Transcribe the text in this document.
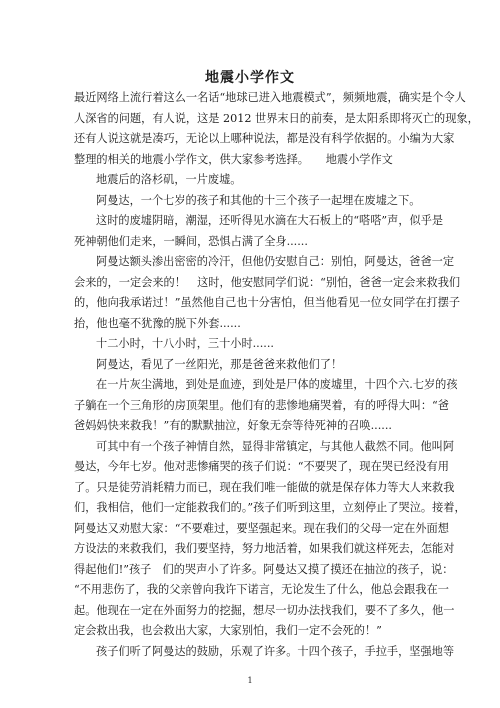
地震小学作文
最近网络上流行着这么一名话“地球已进入地震模式”，频频地震，确实是个令人
人深省的问题，有人说，这是 2012 世界末日的前奏，是太阳系即将灭亡的现象，
还有人说这就是凑巧，无论以上哪种说法，都是没有科学依据的。小编为大家
整理的相关的地震小学作文，供大家参考选择。　　地震小学作文
地震后的洛杉矶，一片废墟。
阿曼达，一个七岁的孩子和其他的十三个孩子一起埋在废墟之下。
这时的废墟阴暗，潮湿，还听得见水滴在大石板上的“嗒嗒”声，似乎是
死神朝他们走来，一瞬间，恐惧占满了全身......
阿曼达额头渗出密密的冷汗，但他仍安慰自己：别怕，阿曼达，爸爸一定
会来的，一定会来的！　这时，他安慰同学们说：“别怕，爸爸一定会来救我们
的，他向我承诺过！”虽然他自己也十分害怕，但当他看见一位女同学在打摆子
抬，他也毫不犹豫的脱下外套......
十二小时，十八小时，三十小时......
阿曼达，看见了一丝阳光，那是爸爸来救他们了！
在一片灰尘满地，到处是血迹，到处是尸体的废墟里，十四个六.七岁的孩
子躺在一个三角形的房顶架里。他们有的悲惨地痛哭着，有的呼得大叫：“爸
爸妈妈快来救我！”有的默默抽泣，好象无奈等待死神的召唤......
可其中有一个孩子神情自然，显得非常镇定，与其他人截然不同。他叫阿
曼达，今年七岁。他对悲惨痛哭的孩子们说：“不要哭了，现在哭已经没有用
了。只是徒劳消耗精力而已，现在我们唯一能做的就是保存体力等大人来救我
们，我相信，他们一定能救我们的。”孩子们听到这里，立刻停止了哭泣。接着，
阿曼达又劝慰大家：“不要难过，要坚强起来。现在我们的父母一定在外面想
方设法的来救我们，我们要坚持，努力地活着，如果我们就这样死去，怎能对
得起他们!”孩子　们的哭声小了许多。阿曼达又摸了摸还在抽泣的孩子，说：
“不用悲伤了，我的父亲曾向我许下诺言，无论发生了什么，他总会跟我在一
起。他现在一定在外面努力的挖掘，想尽一切办法找我们，要不了多久，他一
定会救出我，也会救出大家，大家别怕，我们一定不会死的！”
孩子们听了阿曼达的鼓励，乐观了许多。十四个孩子，手拉手，坚强地等
1
